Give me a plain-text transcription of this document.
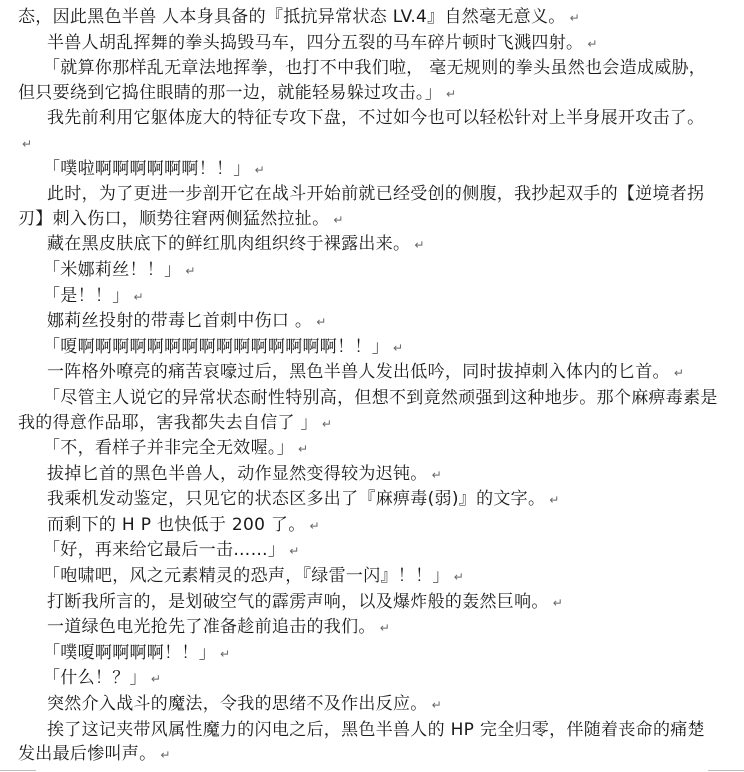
态，因此黑色半兽 人本身具备的『抵抗异常状态 LV.4』自然毫无意义。 ↵

半兽人胡乱挥舞的拳头捣毁马车，四分五裂的马车碎片顿时飞溅四射。 ↵

「就算你那样乱无章法地挥拳，也打不中我们啦， 毫无规则的拳头虽然也会造成威胁，但只要绕到它捣住眼睛的那一边，就能轻易躲过攻击。」 ↵

我先前利用它躯体庞大的特征专攻下盘，不过如今也可以轻松针对上半身展开攻击了。↵

「噗啦啊啊啊啊啊啊！！」 ↵

此时，为了更进一步剖开它在战斗开始前就已经受创的侧腹，我抄起双手的【逆境者拐刃】刺入伤口，顺势往窘两侧猛然拉扯。 ↵

藏在黑皮肤底下的鲜红肌肉组织终于裸露出来。 ↵

「米娜莉丝！！」 ↵

「是！！」 ↵

娜莉丝投射的带毒匕首刺中伤口 。 ↵

「嗄啊啊啊啊啊啊啊啊啊啊啊啊啊啊啊！！」 ↵

一阵格外嘹亮的痛苦哀嚎过后，黑色半兽人发出低吟，同时拔掉刺入体内的匕首。 ↵

「尽管主人说它的异常状态耐性特别高，但想不到竟然顽强到这种地步。那个麻痹毒素是我的得意作品耶，害我都失去自信了 」 ↵

「不，看样子并非完全无效喔。」 ↵

拔掉匕首的黑色半兽人，动作显然变得较为迟钝。 ↵

我乘机发动鉴定，只见它的状态区多出了『麻痹毒(弱)』的文字。 ↵

而剩下的 H P 也快低于 200 了。 ↵

「好，再来给它最后一击……」 ↵

「咆啸吧，风之元素精灵的恐声，『绿雷一闪』！！」 ↵

打断我所言的，是划破空气的霹雳声响，以及爆炸般的轰然巨响。 ↵

一道绿色电光抢先了准备趁前追击的我们。 ↵

「噗嗄啊啊啊啊！！」 ↵

「什么！？」 ↵

突然介入战斗的魔法，令我的思绪不及作出反应。 ↵

挨了这记夹带风属性魔力的闪电之后，黑色半兽人的 HP 完全归零，伴随着丧命的痛楚发出最后惨叫声。 ↵
